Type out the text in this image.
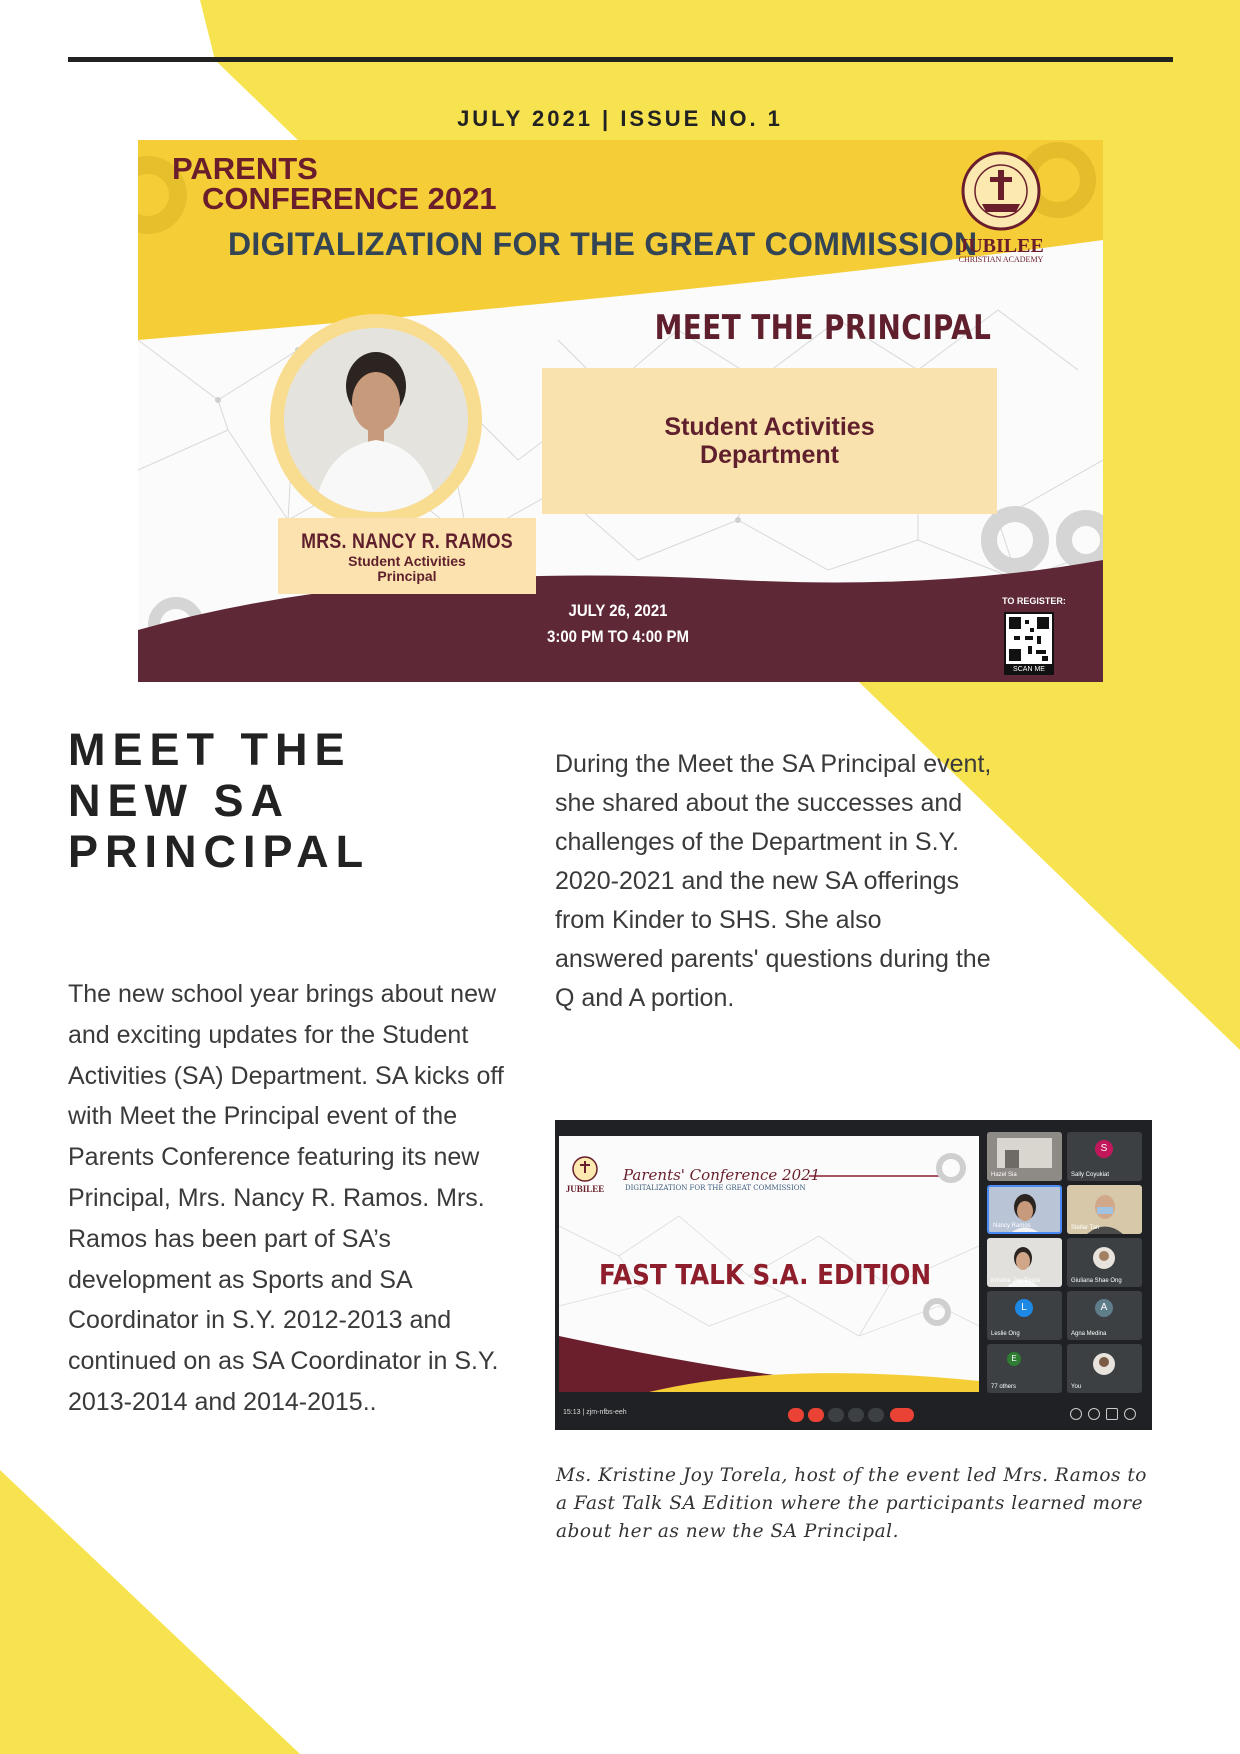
JULY 2021 | ISSUE NO. 1
PARENTS
CONFERENCE 2021
DIGITALIZATION FOR THE GREAT COMMISSION
JUBILEE
CHRISTIAN ACADEMY
MEET THE PRINCIPAL
Student Activities Department
MRS. NANCY R. RAMOS
Student Activities
Principal
JULY 26, 2021
3:00 PM TO 4:00 PM
TO REGISTER:
SCAN ME
MEET THE
NEW SA
PRINCIPAL

The new school year brings about new and exciting updates for the Student Activities (SA) Department. SA kicks off with Meet the Principal event of the Parents Conference featuring its new Principal, Mrs. Nancy R. Ramos. Mrs. Ramos has been part of SA’s development as Sports and SA Coordinator in S.Y. 2012-2013 and continued on as SA Coordinator in S.Y. 2013-2014 and 2014-2015..

During the Meet the SA Principal event, she shared about the successes and challenges of the Department in S.Y. 2020-2021 and the new SA offerings from Kinder to SHS. She also answered parents' questions during the Q and A portion.

JUBILEE
Parents' Conference 2021
DIGITALIZATION FOR THE GREAT COMMISSION
FAST TALK S.A. EDITION
Hazel Sia
S
Sally Coyukiat
Nancy Ramos	Stellar Tan
Kristine Joy Torela	Giuliana Shae Ong
L
Leslie Ong
A
Agna Medina
E
77 others	You
15:13 | zjm-nfbs-eeh

Ms. Kristine Joy Torela, host of the event led Mrs. Ramos to a Fast Talk SA Edition where the participants learned more about her as new the SA Principal.
